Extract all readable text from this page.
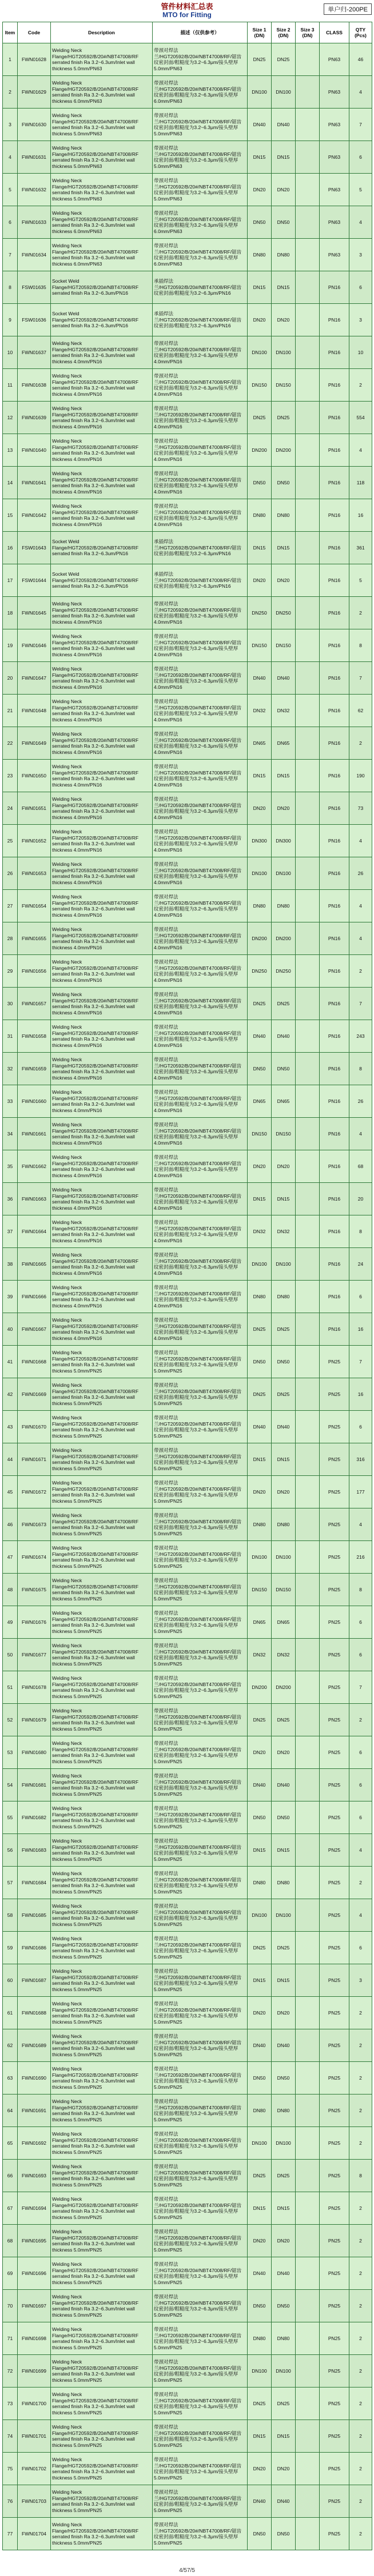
管件材料汇总表
MTO for Fitting
单户归-200PE
Item	Code	Description	描述（仅供参考）	Size 1 (DN)	Size 2 (DN)	Size 3 (DN)	CLASS	QTY (Pcs)
1	FWN01628	Welding Neck Flange/HGT20592/B/20#/NBT47008/RF serrated finish Ra 3.2~6.3um/Inlet wall thickness 5.0mm/PN63	带颈对焊法兰/HGT20592/B/20#/NBT47008/RF/锯齿纹密封面/粗糙度为3.2~6.3μm/接头壁厚5.0mm/PN63	DN25	DN25		PN63	46
2	FWN01629	Welding Neck Flange/HGT20592/B/20#/NBT47008/RF serrated finish Ra 3.2~6.3um/Inlet wall thickness 6.0mm/PN63	带颈对焊法兰/HGT20592/B/20#/NBT47008/RF/锯齿纹密封面/粗糙度为3.2~6.3μm/接头壁厚6.0mm/PN63	DN100	DN100		PN63	4
3	FWN01630	Welding Neck Flange/HGT20592/B/20#/NBT47008/RF serrated finish Ra 3.2~6.3um/Inlet wall thickness 5.0mm/PN63	带颈对焊法兰/HGT20592/B/20#/NBT47008/RF/锯齿纹密封面/粗糙度为3.2~6.3μm/接头壁厚5.0mm/PN63	DN40	DN40		PN63	7
4	FWN01631	Welding Neck Flange/HGT20592/B/20#/NBT47008/RF serrated finish Ra 3.2~6.3um/Inlet wall thickness 5.0mm/PN63	带颈对焊法兰/HGT20592/B/20#/NBT47008/RF/锯齿纹密封面/粗糙度为3.2~6.3μm/接头壁厚5.0mm/PN63	DN15	DN15		PN63	6
5	FWN01632	Welding Neck Flange/HGT20592/B/20#/NBT47008/RF serrated finish Ra 3.2~6.3um/Inlet wall thickness 5.0mm/PN63	带颈对焊法兰/HGT20592/B/20#/NBT47008/RF/锯齿纹密封面/粗糙度为3.2~6.3μm/接头壁厚5.0mm/PN63	DN20	DN20		PN63	5
6	FWN01633	Welding Neck Flange/HGT20592/B/20#/NBT47008/RF serrated finish Ra 3.2~6.3um/Inlet wall thickness 6.0mm/PN63	带颈对焊法兰/HGT20592/B/20#/NBT47008/RF/锯齿纹密封面/粗糙度为3.2~6.3μm/接头壁厚6.0mm/PN63	DN50	DN50		PN63	4
7	FWN01634	Welding Neck Flange/HGT20592/B/20#/NBT47008/RF serrated finish Ra 3.2~6.3um/Inlet wall thickness 6.0mm/PN63	带颈对焊法兰/HGT20592/B/20#/NBT47008/RF/锯齿纹密封面/粗糙度为3.2~6.3μm/接头壁厚6.0mm/PN63	DN80	DN80		PN63	3
8	FSW01635	Socket Weld Flange/HGT20592/B/20#/NBT47008/RF serrated finish Ra 3.2~6.3um/PN16	承插焊法兰/HGT20592/B/20#/NBT47008/RF/锯齿纹密封面/粗糙度为3.2~6.3μm/PN16	DN15	DN15		PN16	6
9	FSW01636	Socket Weld Flange/HGT20592/B/20#/NBT47008/RF serrated finish Ra 3.2~6.3um/PN16	承插焊法兰/HGT20592/B/20#/NBT47008/RF/锯齿纹密封面/粗糙度为3.2~6.3μm/PN16	DN20	DN20		PN16	3
10	FWN01637	Welding Neck Flange/HGT20592/B/20#/NBT47008/RF serrated finish Ra 3.2~6.3um/Inlet wall thickness 4.0mm/PN16	带颈对焊法兰/HGT20592/B/20#/NBT47008/RF/锯齿纹密封面/粗糙度为3.2~6.3μm/接头壁厚4.0mm/PN16	DN100	DN100		PN16	10
11	FWN01638	Welding Neck Flange/HGT20592/B/20#/NBT47008/RF serrated finish Ra 3.2~6.3um/Inlet wall thickness 4.0mm/PN16	带颈对焊法兰/HGT20592/B/20#/NBT47008/RF/锯齿纹密封面/粗糙度为3.2~6.3μm/接头壁厚4.0mm/PN16	DN150	DN150		PN16	2
12	FWN01639	Welding Neck Flange/HGT20592/B/20#/NBT47008/RF serrated finish Ra 3.2~6.3um/Inlet wall thickness 4.0mm/PN16	带颈对焊法兰/HGT20592/B/20#/NBT47008/RF/锯齿纹密封面/粗糙度为3.2~6.3μm/接头壁厚4.0mm/PN16	DN25	DN25		PN16	554
13	FWN01640	Welding Neck Flange/HGT20592/B/20#/NBT47008/RF serrated finish Ra 3.2~6.3um/Inlet wall thickness 4.0mm/PN16	带颈对焊法兰/HGT20592/B/20#/NBT47008/RF/锯齿纹密封面/粗糙度为3.2~6.3μm/接头壁厚4.0mm/PN16	DN200	DN200		PN16	4
14	FWN01641	Welding Neck Flange/HGT20592/B/20#/NBT47008/RF serrated finish Ra 3.2~6.3um/Inlet wall thickness 4.0mm/PN16	带颈对焊法兰/HGT20592/B/20#/NBT47008/RF/锯齿纹密封面/粗糙度为3.2~6.3μm/接头壁厚4.0mm/PN16	DN50	DN50		PN16	118
15	FWN01642	Welding Neck Flange/HGT20592/B/20#/NBT47008/RF serrated finish Ra 3.2~6.3um/Inlet wall thickness 4.0mm/PN16	带颈对焊法兰/HGT20592/B/20#/NBT47008/RF/锯齿纹密封面/粗糙度为3.2~6.3μm/接头壁厚4.0mm/PN16	DN80	DN80		PN16	16
16	FSW01643	Socket Weld Flange/HGT20592/B/20#/NBT47008/RF serrated finish Ra 3.2~6.3um/PN16	承插焊法兰/HGT20592/B/20#/NBT47008/RF/锯齿纹密封面/粗糙度为3.2~6.3μm/PN16	DN15	DN15		PN16	361
17	FSW01644	Socket Weld Flange/HGT20592/B/20#/NBT47008/RF serrated finish Ra 3.2~6.3um/PN16	承插焊法兰/HGT20592/B/20#/NBT47008/RF/锯齿纹密封面/粗糙度为3.2~6.3μm/PN16	DN20	DN20		PN16	5
18	FWN01645	Welding Neck Flange/HGT20592/B/20#/NBT47008/RF serrated finish Ra 3.2~6.3um/Inlet wall thickness 4.0mm/PN16	带颈对焊法兰/HGT20592/B/20#/NBT47008/RF/锯齿纹密封面/粗糙度为3.2~6.3μm/接头壁厚4.0mm/PN16	DN250	DN250		PN16	2
19	FWN01646	Welding Neck Flange/HGT20592/B/20#/NBT47008/RF serrated finish Ra 3.2~6.3um/Inlet wall thickness 4.0mm/PN16	带颈对焊法兰/HGT20592/B/20#/NBT47008/RF/锯齿纹密封面/粗糙度为3.2~6.3μm/接头壁厚4.0mm/PN16	DN150	DN150		PN16	8
20	FWN01647	Welding Neck Flange/HGT20592/B/20#/NBT47008/RF serrated finish Ra 3.2~6.3um/Inlet wall thickness 4.0mm/PN16	带颈对焊法兰/HGT20592/B/20#/NBT47008/RF/锯齿纹密封面/粗糙度为3.2~6.3μm/接头壁厚4.0mm/PN16	DN40	DN40		PN16	7
21	FWN01648	Welding Neck Flange/HGT20592/B/20#/NBT47008/RF serrated finish Ra 3.2~6.3um/Inlet wall thickness 4.0mm/PN16	带颈对焊法兰/HGT20592/B/20#/NBT47008/RF/锯齿纹密封面/粗糙度为3.2~6.3μm/接头壁厚4.0mm/PN16	DN32	DN32		PN16	62
22	FWN01649	Welding Neck Flange/HGT20592/B/20#/NBT47008/RF serrated finish Ra 3.2~6.3um/Inlet wall thickness 4.0mm/PN16	带颈对焊法兰/HGT20592/B/20#/NBT47008/RF/锯齿纹密封面/粗糙度为3.2~6.3μm/接头壁厚4.0mm/PN16	DN65	DN65		PN16	2
23	FWN01650	Welding Neck Flange/HGT20592/B/20#/NBT47008/RF serrated finish Ra 3.2~6.3um/Inlet wall thickness 4.0mm/PN16	带颈对焊法兰/HGT20592/B/20#/NBT47008/RF/锯齿纹密封面/粗糙度为3.2~6.3μm/接头壁厚4.0mm/PN16	DN15	DN15		PN16	190
24	FWN01651	Welding Neck Flange/HGT20592/B/20#/NBT47008/RF serrated finish Ra 3.2~6.3um/Inlet wall thickness 4.0mm/PN16	带颈对焊法兰/HGT20592/B/20#/NBT47008/RF/锯齿纹密封面/粗糙度为3.2~6.3μm/接头壁厚4.0mm/PN16	DN20	DN20		PN16	73
25	FWN01652	Welding Neck Flange/HGT20592/B/20#/NBT47008/RF serrated finish Ra 3.2~6.3um/Inlet wall thickness 4.0mm/PN16	带颈对焊法兰/HGT20592/B/20#/NBT47008/RF/锯齿纹密封面/粗糙度为3.2~6.3μm/接头壁厚4.0mm/PN16	DN300	DN300		PN16	4
26	FWN01653	Welding Neck Flange/HGT20592/B/20#/NBT47008/RF serrated finish Ra 3.2~6.3um/Inlet wall thickness 4.0mm/PN16	带颈对焊法兰/HGT20592/B/20#/NBT47008/RF/锯齿纹密封面/粗糙度为3.2~6.3μm/接头壁厚4.0mm/PN16	DN100	DN100		PN16	26
27	FWN01654	Welding Neck Flange/HGT20592/B/20#/NBT47008/RF serrated finish Ra 3.2~6.3um/Inlet wall thickness 4.0mm/PN16	带颈对焊法兰/HGT20592/B/20#/NBT47008/RF/锯齿纹密封面/粗糙度为3.2~6.3μm/接头壁厚4.0mm/PN16	DN80	DN80		PN16	4
28	FWN01655	Welding Neck Flange/HGT20592/B/20#/NBT47008/RF serrated finish Ra 3.2~6.3um/Inlet wall thickness 4.0mm/PN16	带颈对焊法兰/HGT20592/B/20#/NBT47008/RF/锯齿纹密封面/粗糙度为3.2~6.3μm/接头壁厚4.0mm/PN16	DN200	DN200		PN16	4
29	FWN01656	Welding Neck Flange/HGT20592/B/20#/NBT47008/RF serrated finish Ra 3.2~6.3um/Inlet wall thickness 4.0mm/PN16	带颈对焊法兰/HGT20592/B/20#/NBT47008/RF/锯齿纹密封面/粗糙度为3.2~6.3μm/接头壁厚4.0mm/PN16	DN250	DN250		PN16	2
30	FWN01657	Welding Neck Flange/HGT20592/B/20#/NBT47008/RF serrated finish Ra 3.2~6.3um/Inlet wall thickness 4.0mm/PN16	带颈对焊法兰/HGT20592/B/20#/NBT47008/RF/锯齿纹密封面/粗糙度为3.2~6.3μm/接头壁厚4.0mm/PN16	DN25	DN25		PN16	7
31	FWN01658	Welding Neck Flange/HGT20592/B/20#/NBT47008/RF serrated finish Ra 3.2~6.3um/Inlet wall thickness 4.0mm/PN16	带颈对焊法兰/HGT20592/B/20#/NBT47008/RF/锯齿纹密封面/粗糙度为3.2~6.3μm/接头壁厚4.0mm/PN16	DN40	DN40		PN16	243
32	FWN01659	Welding Neck Flange/HGT20592/B/20#/NBT47008/RF serrated finish Ra 3.2~6.3um/Inlet wall thickness 4.0mm/PN16	带颈对焊法兰/HGT20592/B/20#/NBT47008/RF/锯齿纹密封面/粗糙度为3.2~6.3μm/接头壁厚4.0mm/PN16	DN50	DN50		PN16	8
33	FWN01660	Welding Neck Flange/HGT20592/B/20#/NBT47008/RF serrated finish Ra 3.2~6.3um/Inlet wall thickness 4.0mm/PN16	带颈对焊法兰/HGT20592/B/20#/NBT47008/RF/锯齿纹密封面/粗糙度为3.2~6.3μm/接头壁厚4.0mm/PN16	DN65	DN65		PN16	26
34	FWN01661	Welding Neck Flange/HGT20592/B/20#/NBT47008/RF serrated finish Ra 3.2~6.3um/Inlet wall thickness 4.0mm/PN16	带颈对焊法兰/HGT20592/B/20#/NBT47008/RF/锯齿纹密封面/粗糙度为3.2~6.3μm/接头壁厚4.0mm/PN16	DN150	DN150		PN16	4
35	FWN01662	Welding Neck Flange/HGT20592/B/20#/NBT47008/RF serrated finish Ra 3.2~6.3um/Inlet wall thickness 4.0mm/PN16	带颈对焊法兰/HGT20592/B/20#/NBT47008/RF/锯齿纹密封面/粗糙度为3.2~6.3μm/接头壁厚4.0mm/PN16	DN20	DN20		PN16	68
36	FWN01663	Welding Neck Flange/HGT20592/B/20#/NBT47008/RF serrated finish Ra 3.2~6.3um/Inlet wall thickness 4.0mm/PN16	带颈对焊法兰/HGT20592/B/20#/NBT47008/RF/锯齿纹密封面/粗糙度为3.2~6.3μm/接头壁厚4.0mm/PN16	DN15	DN15		PN16	20
37	FWN01664	Welding Neck Flange/HGT20592/B/20#/NBT47008/RF serrated finish Ra 3.2~6.3um/Inlet wall thickness 4.0mm/PN16	带颈对焊法兰/HGT20592/B/20#/NBT47008/RF/锯齿纹密封面/粗糙度为3.2~6.3μm/接头壁厚4.0mm/PN16	DN32	DN32		PN16	8
38	FWN01665	Welding Neck Flange/HGT20592/B/20#/NBT47008/RF serrated finish Ra 3.2~6.3um/Inlet wall thickness 4.0mm/PN16	带颈对焊法兰/HGT20592/B/20#/NBT47008/RF/锯齿纹密封面/粗糙度为3.2~6.3μm/接头壁厚4.0mm/PN16	DN100	DN100		PN16	24
39	FWN01666	Welding Neck Flange/HGT20592/B/20#/NBT47008/RF serrated finish Ra 3.2~6.3um/Inlet wall thickness 4.0mm/PN16	带颈对焊法兰/HGT20592/B/20#/NBT47008/RF/锯齿纹密封面/粗糙度为3.2~6.3μm/接头壁厚4.0mm/PN16	DN80	DN80		PN16	6
40	FWN01667	Welding Neck Flange/HGT20592/B/20#/NBT47008/RF serrated finish Ra 3.2~6.3um/Inlet wall thickness 4.0mm/PN16	带颈对焊法兰/HGT20592/B/20#/NBT47008/RF/锯齿纹密封面/粗糙度为3.2~6.3μm/接头壁厚4.0mm/PN16	DN25	DN25		PN16	16
41	FWN01668	Welding Neck Flange/HGT20592/B/20#/NBT47008/RF serrated finish Ra 3.2~6.3um/Inlet wall thickness 5.0mm/PN25	带颈对焊法兰/HGT20592/B/20#/NBT47008/RF/锯齿纹密封面/粗糙度为3.2~6.3μm/接头壁厚5.0mm/PN25	DN50	DN50		PN25	7
42	FWN01669	Welding Neck Flange/HGT20592/B/20#/NBT47008/RF serrated finish Ra 3.2~6.3um/Inlet wall thickness 5.0mm/PN25	带颈对焊法兰/HGT20592/B/20#/NBT47008/RF/锯齿纹密封面/粗糙度为3.2~6.3μm/接头壁厚5.0mm/PN25	DN25	DN25		PN25	16
43	FWN01670	Welding Neck Flange/HGT20592/B/20#/NBT47008/RF serrated finish Ra 3.2~6.3um/Inlet wall thickness 5.0mm/PN25	带颈对焊法兰/HGT20592/B/20#/NBT47008/RF/锯齿纹密封面/粗糙度为3.2~6.3μm/接头壁厚5.0mm/PN25	DN40	DN40		PN25	6
44	FWN01671	Welding Neck Flange/HGT20592/B/20#/NBT47008/RF serrated finish Ra 3.2~6.3um/Inlet wall thickness 5.0mm/PN25	带颈对焊法兰/HGT20592/B/20#/NBT47008/RF/锯齿纹密封面/粗糙度为3.2~6.3μm/接头壁厚5.0mm/PN25	DN15	DN15		PN25	316
45	FWN01672	Welding Neck Flange/HGT20592/B/20#/NBT47008/RF serrated finish Ra 3.2~6.3um/Inlet wall thickness 5.0mm/PN25	带颈对焊法兰/HGT20592/B/20#/NBT47008/RF/锯齿纹密封面/粗糙度为3.2~6.3μm/接头壁厚5.0mm/PN25	DN20	DN20		PN25	177
46	FWN01673	Welding Neck Flange/HGT20592/B/20#/NBT47008/RF serrated finish Ra 3.2~6.3um/Inlet wall thickness 5.0mm/PN25	带颈对焊法兰/HGT20592/B/20#/NBT47008/RF/锯齿纹密封面/粗糙度为3.2~6.3μm/接头壁厚5.0mm/PN25	DN80	DN80		PN25	4
47	FWN01674	Welding Neck Flange/HGT20592/B/20#/NBT47008/RF serrated finish Ra 3.2~6.3um/Inlet wall thickness 5.0mm/PN25	带颈对焊法兰/HGT20592/B/20#/NBT47008/RF/锯齿纹密封面/粗糙度为3.2~6.3μm/接头壁厚5.0mm/PN25	DN100	DN100		PN25	216
48	FWN01675	Welding Neck Flange/HGT20592/B/20#/NBT47008/RF serrated finish Ra 3.2~6.3um/Inlet wall thickness 5.0mm/PN25	带颈对焊法兰/HGT20592/B/20#/NBT47008/RF/锯齿纹密封面/粗糙度为3.2~6.3μm/接头壁厚5.0mm/PN25	DN150	DN150		PN25	8
49	FWN01676	Welding Neck Flange/HGT20592/B/20#/NBT47008/RF serrated finish Ra 3.2~6.3um/Inlet wall thickness 5.0mm/PN25	带颈对焊法兰/HGT20592/B/20#/NBT47008/RF/锯齿纹密封面/粗糙度为3.2~6.3μm/接头壁厚5.0mm/PN25	DN65	DN65		PN25	6
50	FWN01677	Welding Neck Flange/HGT20592/B/20#/NBT47008/RF serrated finish Ra 3.2~6.3um/Inlet wall thickness 5.0mm/PN25	带颈对焊法兰/HGT20592/B/20#/NBT47008/RF/锯齿纹密封面/粗糙度为3.2~6.3μm/接头壁厚5.0mm/PN25	DN32	DN32		PN25	6
51	FWN01678	Welding Neck Flange/HGT20592/B/20#/NBT47008/RF serrated finish Ra 3.2~6.3um/Inlet wall thickness 5.0mm/PN25	带颈对焊法兰/HGT20592/B/20#/NBT47008/RF/锯齿纹密封面/粗糙度为3.2~6.3μm/接头壁厚5.0mm/PN25	DN200	DN200		PN25	7
52	FWN01679	Welding Neck Flange/HGT20592/B/20#/NBT47008/RF serrated finish Ra 3.2~6.3um/Inlet wall thickness 5.0mm/PN25	带颈对焊法兰/HGT20592/B/20#/NBT47008/RF/锯齿纹密封面/粗糙度为3.2~6.3μm/接头壁厚5.0mm/PN25	DN25	DN25		PN25	2
53	FWN01680	Welding Neck Flange/HGT20592/B/20#/NBT47008/RF serrated finish Ra 3.2~6.3um/Inlet wall thickness 5.0mm/PN25	带颈对焊法兰/HGT20592/B/20#/NBT47008/RF/锯齿纹密封面/粗糙度为3.2~6.3μm/接头壁厚5.0mm/PN25	DN20	DN20		PN25	6
54	FWN01681	Welding Neck Flange/HGT20592/B/20#/NBT47008/RF serrated finish Ra 3.2~6.3um/Inlet wall thickness 5.0mm/PN25	带颈对焊法兰/HGT20592/B/20#/NBT47008/RF/锯齿纹密封面/粗糙度为3.2~6.3μm/接头壁厚5.0mm/PN25	DN40	DN40		PN25	6
55	FWN01682	Welding Neck Flange/HGT20592/B/20#/NBT47008/RF serrated finish Ra 3.2~6.3um/Inlet wall thickness 5.0mm/PN25	带颈对焊法兰/HGT20592/B/20#/NBT47008/RF/锯齿纹密封面/粗糙度为3.2~6.3μm/接头壁厚5.0mm/PN25	DN50	DN50		PN25	6
56	FWN01683	Welding Neck Flange/HGT20592/B/20#/NBT47008/RF serrated finish Ra 3.2~6.3um/Inlet wall thickness 5.0mm/PN25	带颈对焊法兰/HGT20592/B/20#/NBT47008/RF/锯齿纹密封面/粗糙度为3.2~6.3μm/接头壁厚5.0mm/PN25	DN15	DN15		PN25	4
57	FWN01684	Welding Neck Flange/HGT20592/B/20#/NBT47008/RF serrated finish Ra 3.2~6.3um/Inlet wall thickness 5.0mm/PN25	带颈对焊法兰/HGT20592/B/20#/NBT47008/RF/锯齿纹密封面/粗糙度为3.2~6.3μm/接头壁厚5.0mm/PN25	DN80	DN80		PN25	2
58	FWN01685	Welding Neck Flange/HGT20592/B/20#/NBT47008/RF serrated finish Ra 3.2~6.3um/Inlet wall thickness 5.0mm/PN25	带颈对焊法兰/HGT20592/B/20#/NBT47008/RF/锯齿纹密封面/粗糙度为3.2~6.3μm/接头壁厚5.0mm/PN25	DN100	DN100		PN25	4
59	FWN01686	Welding Neck Flange/HGT20592/B/20#/NBT47008/RF serrated finish Ra 3.2~6.3um/Inlet wall thickness 5.0mm/PN25	带颈对焊法兰/HGT20592/B/20#/NBT47008/RF/锯齿纹密封面/粗糙度为3.2~6.3μm/接头壁厚5.0mm/PN25	DN25	DN25		PN25	6
60	FWN01687	Welding Neck Flange/HGT20592/B/20#/NBT47008/RF serrated finish Ra 3.2~6.3um/Inlet wall thickness 5.0mm/PN25	带颈对焊法兰/HGT20592/B/20#/NBT47008/RF/锯齿纹密封面/粗糙度为3.2~6.3μm/接头壁厚5.0mm/PN25	DN15	DN15		PN25	3
61	FWN01688	Welding Neck Flange/HGT20592/B/20#/NBT47008/RF serrated finish Ra 3.2~6.3um/Inlet wall thickness 5.0mm/PN25	带颈对焊法兰/HGT20592/B/20#/NBT47008/RF/锯齿纹密封面/粗糙度为3.2~6.3μm/接头壁厚5.0mm/PN25	DN20	DN20		PN25	2
62	FWN01689	Welding Neck Flange/HGT20592/B/20#/NBT47008/RF serrated finish Ra 3.2~6.3um/Inlet wall thickness 5.0mm/PN25	带颈对焊法兰/HGT20592/B/20#/NBT47008/RF/锯齿纹密封面/粗糙度为3.2~6.3μm/接头壁厚5.0mm/PN25	DN40	DN40		PN25	2
63	FWN01690	Welding Neck Flange/HGT20592/B/20#/NBT47008/RF serrated finish Ra 3.2~6.3um/Inlet wall thickness 5.0mm/PN25	带颈对焊法兰/HGT20592/B/20#/NBT47008/RF/锯齿纹密封面/粗糙度为3.2~6.3μm/接头壁厚5.0mm/PN25	DN50	DN50		PN25	2
64	FWN01691	Welding Neck Flange/HGT20592/B/20#/NBT47008/RF serrated finish Ra 3.2~6.3um/Inlet wall thickness 5.0mm/PN25	带颈对焊法兰/HGT20592/B/20#/NBT47008/RF/锯齿纹密封面/粗糙度为3.2~6.3μm/接头壁厚5.0mm/PN25	DN80	DN80		PN25	2
65	FWN01692	Welding Neck Flange/HGT20592/B/20#/NBT47008/RF serrated finish Ra 3.2~6.3um/Inlet wall thickness 5.0mm/PN25	带颈对焊法兰/HGT20592/B/20#/NBT47008/RF/锯齿纹密封面/粗糙度为3.2~6.3μm/接头壁厚5.0mm/PN25	DN100	DN100		PN25	2
66	FWN01693	Welding Neck Flange/HGT20592/B/20#/NBT47008/RF serrated finish Ra 3.2~6.3um/Inlet wall thickness 5.0mm/PN25	带颈对焊法兰/HGT20592/B/20#/NBT47008/RF/锯齿纹密封面/粗糙度为3.2~6.3μm/接头壁厚5.0mm/PN25	DN25	DN25		PN25	8
67	FWN01694	Welding Neck Flange/HGT20592/B/20#/NBT47008/RF serrated finish Ra 3.2~6.3um/Inlet wall thickness 5.0mm/PN25	带颈对焊法兰/HGT20592/B/20#/NBT47008/RF/锯齿纹密封面/粗糙度为3.2~6.3μm/接头壁厚5.0mm/PN25	DN15	DN15		PN25	2
68	FWN01695	Welding Neck Flange/HGT20592/B/20#/NBT47008/RF serrated finish Ra 3.2~6.3um/Inlet wall thickness 5.0mm/PN25	带颈对焊法兰/HGT20592/B/20#/NBT47008/RF/锯齿纹密封面/粗糙度为3.2~6.3μm/接头壁厚5.0mm/PN25	DN20	DN20		PN25	2
69	FWN01696	Welding Neck Flange/HGT20592/B/20#/NBT47008/RF serrated finish Ra 3.2~6.3um/Inlet wall thickness 5.0mm/PN25	带颈对焊法兰/HGT20592/B/20#/NBT47008/RF/锯齿纹密封面/粗糙度为3.2~6.3μm/接头壁厚5.0mm/PN25	DN40	DN40		PN25	2
70	FWN01697	Welding Neck Flange/HGT20592/B/20#/NBT47008/RF serrated finish Ra 3.2~6.3um/Inlet wall thickness 5.0mm/PN25	带颈对焊法兰/HGT20592/B/20#/NBT47008/RF/锯齿纹密封面/粗糙度为3.2~6.3μm/接头壁厚5.0mm/PN25	DN50	DN50		PN25	2
71	FWN01698	Welding Neck Flange/HGT20592/B/20#/NBT47008/RF serrated finish Ra 3.2~6.3um/Inlet wall thickness 5.0mm/PN25	带颈对焊法兰/HGT20592/B/20#/NBT47008/RF/锯齿纹密封面/粗糙度为3.2~6.3μm/接头壁厚5.0mm/PN25	DN80	DN80		PN25	2
72	FWN01699	Welding Neck Flange/HGT20592/B/20#/NBT47008/RF serrated finish Ra 3.2~6.3um/Inlet wall thickness 5.0mm/PN25	带颈对焊法兰/HGT20592/B/20#/NBT47008/RF/锯齿纹密封面/粗糙度为3.2~6.3μm/接头壁厚5.0mm/PN25	DN100	DN100		PN25	2
73	FWN01700	Welding Neck Flange/HGT20592/B/20#/NBT47008/RF serrated finish Ra 3.2~6.3um/Inlet wall thickness 5.0mm/PN25	带颈对焊法兰/HGT20592/B/20#/NBT47008/RF/锯齿纹密封面/粗糙度为3.2~6.3μm/接头壁厚5.0mm/PN25	DN25	DN25		PN25	2
74	FWN01701	Welding Neck Flange/HGT20592/B/20#/NBT47008/RF serrated finish Ra 3.2~6.3um/Inlet wall thickness 5.0mm/PN25	带颈对焊法兰/HGT20592/B/20#/NBT47008/RF/锯齿纹密封面/粗糙度为3.2~6.3μm/接头壁厚5.0mm/PN25	DN15	DN15		PN25	2
75	FWN01702	Welding Neck Flange/HGT20592/B/20#/NBT47008/RF serrated finish Ra 3.2~6.3um/Inlet wall thickness 5.0mm/PN25	带颈对焊法兰/HGT20592/B/20#/NBT47008/RF/锯齿纹密封面/粗糙度为3.2~6.3μm/接头壁厚5.0mm/PN25	DN20	DN20		PN25	2
76	FWN01703	Welding Neck Flange/HGT20592/B/20#/NBT47008/RF serrated finish Ra 3.2~6.3um/Inlet wall thickness 5.0mm/PN25	带颈对焊法兰/HGT20592/B/20#/NBT47008/RF/锯齿纹密封面/粗糙度为3.2~6.3μm/接头壁厚5.0mm/PN25	DN40	DN40		PN25	2
77	FWN01704	Welding Neck Flange/HGT20592/B/20#/NBT47008/RF serrated finish Ra 3.2~6.3um/Inlet wall thickness 5.0mm/PN25	带颈对焊法兰/HGT20592/B/20#/NBT47008/RF/锯齿纹密封面/粗糙度为3.2~6.3μm/接头壁厚5.0mm/PN25	DN50	DN50		PN25	2
4/57/5
